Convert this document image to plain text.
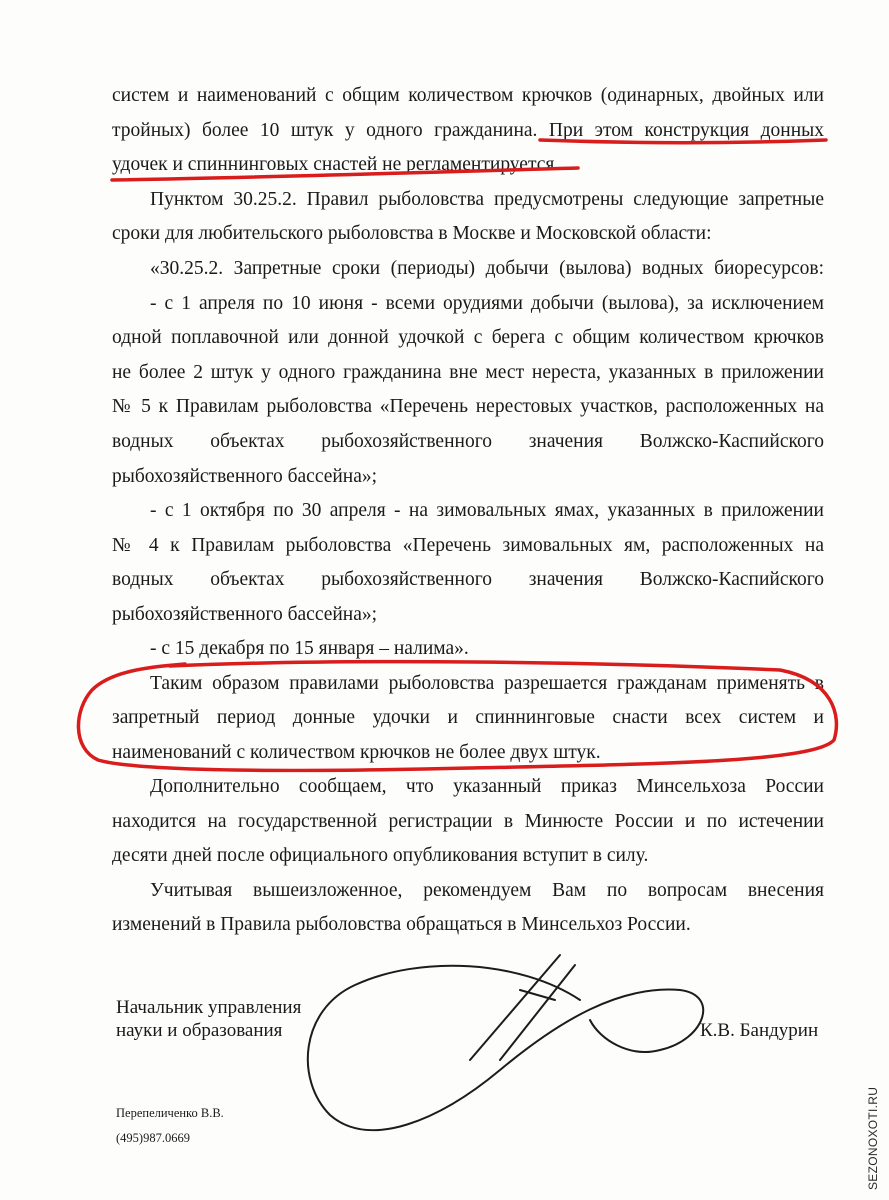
систем и наименований с общим количеством крючков (одинарных, двойных или
тройных) более 10 штук у одного гражданина. При этом конструкция донных
удочек и спиннинговых снастей не регламентируется.
Пунктом 30.25.2. Правил рыболовства предусмотрены следующие запретные
сроки для любительского рыболовства в Москве и Московской области:
«30.25.2. Запретные сроки (периоды) добычи (вылова) водных биоресурсов:
- с 1 апреля по 10 июня - всеми орудиями добычи (вылова), за исключением
одной поплавочной или донной удочкой с берега с общим количеством крючков
не более 2 штук у одного гражданина вне мест нереста, указанных в приложении
№ 5 к Правилам рыболовства «Перечень нерестовых участков, расположенных на
водных объектах рыбохозяйственного значения Волжско-Каспийского
рыбохозяйственного бассейна»;
- с 1 октября по 30 апреля - на зимовальных ямах, указанных в приложении
№ 4 к Правилам рыболовства «Перечень зимовальных ям, расположенных на
водных объектах рыбохозяйственного значения Волжско-Каспийского
рыбохозяйственного бассейна»;
- с 15 декабря по 15 января – налима».
Таким образом правилами рыболовства разрешается гражданам применять в
запретный период донные удочки и спиннинговые снасти всех систем и
наименований с количеством крючков не более двух штук.
Дополнительно сообщаем, что указанный приказ Минсельхоза России
находится на государственной регистрации в Минюсте России и по истечении
десяти дней после официального опубликования вступит в силу.
Учитывая вышеизложенное, рекомендуем Вам по вопросам внесения
изменений в Правила рыболовства обращаться в Минсельхоз России.
Начальник управления
науки и образования	К.В. Бандурин
Перепеличенко В.В.
(495)987.0669	SEZONOXOTI.RU
